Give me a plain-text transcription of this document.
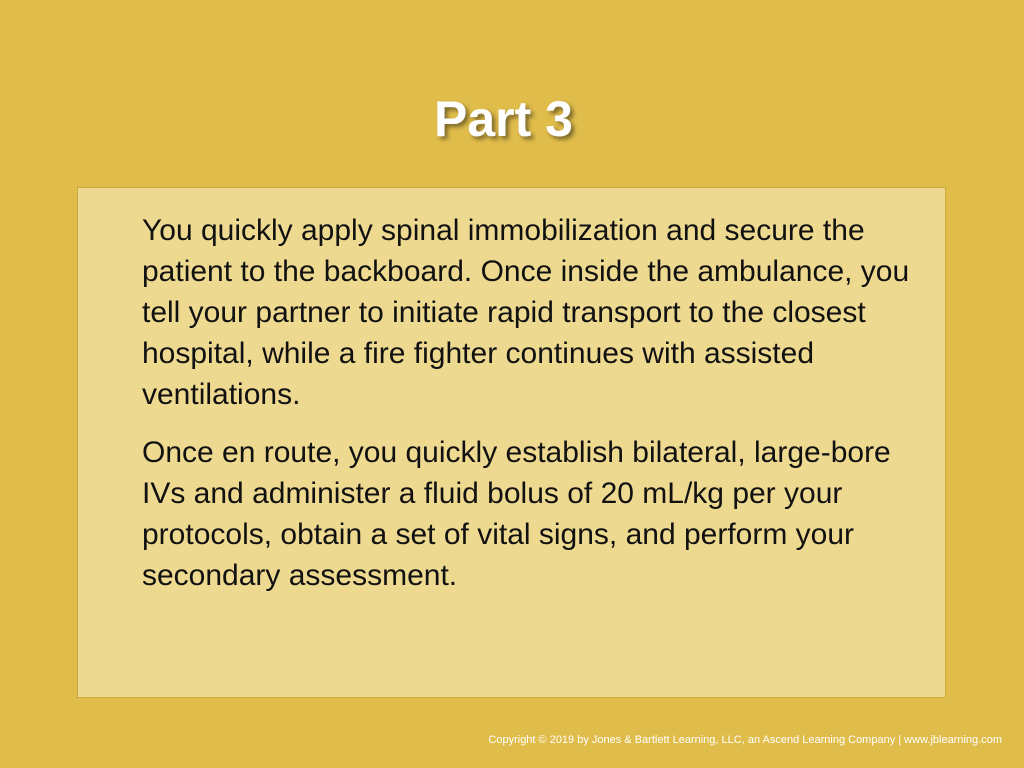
Part 3

You quickly apply spinal immobilization and secure the patient to the backboard. Once inside the ambulance, you tell your partner to initiate rapid transport to the closest hospital, while a fire fighter continues with assisted ventilations.

Once en route, you quickly establish bilateral, large-bore IVs and administer a fluid bolus of 20 mL/kg per your protocols, obtain a set of vital signs, and perform your secondary assessment.

Copyright © 2019 by Jones & Bartlett Learning, LLC, an Ascend Learning Company | www.jblearning.com
